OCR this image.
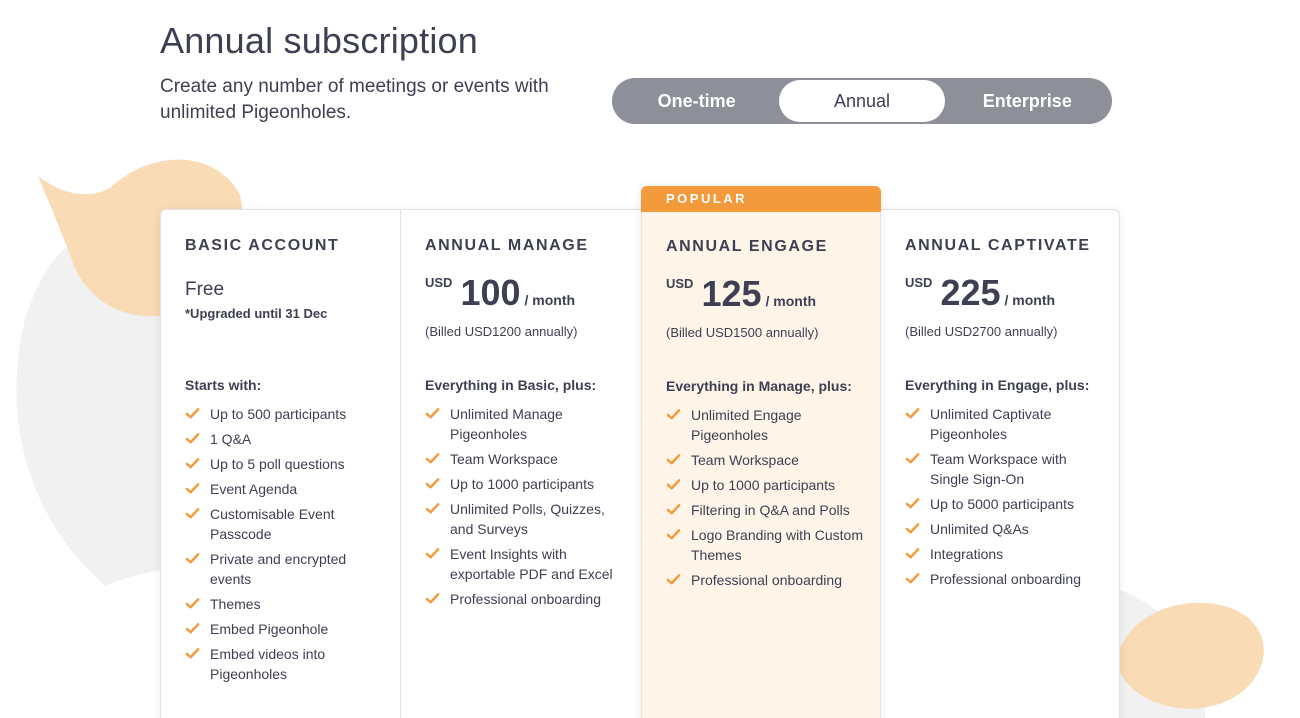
Annual subscription

Create any number of meetings or events with unlimited Pigeonholes.

One-time	Annual	Enterprise
BASIC ACCOUNT
Free
*Upgraded until 31 Dec
Starts with:
Up to 500 participants
1 Q&A
Up to 5 poll questions
Event Agenda
Customisable Event Passcode
Private and encrypted events
Themes
Embed Pigeonhole
Embed videos into Pigeonholes
ANNUAL MANAGE
USD 100 / month
(Billed USD1200 annually)
Everything in Basic, plus:
Unlimited Manage Pigeonholes
Team Workspace
Up to 1000 participants
Unlimited Polls, Quizzes, and Surveys
Event Insights with exportable PDF and Excel
Professional onboarding
POPULAR
ANNUAL ENGAGE
USD 125 / month
(Billed USD1500 annually)
Everything in Manage, plus:
Unlimited Engage Pigeonholes
Team Workspace
Up to 1000 participants
Filtering in Q&A and Polls
Logo Branding with Custom Themes
Professional onboarding
ANNUAL CAPTIVATE
USD 225 / month
(Billed USD2700 annually)
Everything in Engage, plus:
Unlimited Captivate Pigeonholes
Team Workspace with Single Sign-On
Up to 5000 participants
Unlimited Q&As
Integrations
Professional onboarding
